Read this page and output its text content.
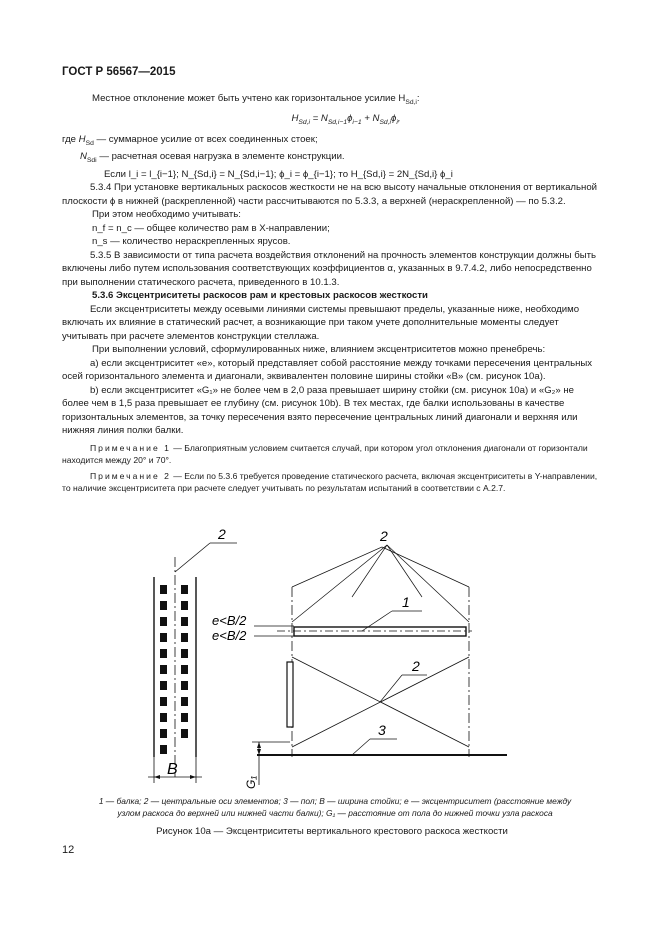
ГОСТ Р 56567—2015

Местное отклонение может быть учтено как горизонтальное усилие $H_{Sd,i}$:

$H_{Sd,i} = N_{Sd,i-1}\phi_{i-1} + N_{Sd,i}\phi_i$,

где $H_{Sd}$ — суммарное усилие от всех соединенных стоек;

$N_{Sdi}$ — расчетная осевая нагрузка в элементе конструкции.

Если l_i = l_{i−1}; N_{Sd,i} = N_{Sd,i−1}; ϕ_i = ϕ_{i−1}; то H_{Sd,i} = 2N_{Sd,i} ϕ_i

5.3.4 При установке вертикальных раскосов жесткости не на всю высоту начальные отклонения от вертикальной плоскости ϕ в нижней (раскрепленной) части рассчитываются по 5.3.3, а верхней (нераскрепленной) — по 5.3.2.

При этом необходимо учитывать:

n_f = n_c — общее количество рам в X-направлении;

n_s — количество нераскрепленных ярусов.

5.3.5 В зависимости от типа расчета воздействия отклонений на прочность элементов конструкции должны быть включены либо путем использования соответствующих коэффициентов α, указанных в 9.7.4.2, либо непосредственно при выполнении статического расчета, приведенного в 10.1.3.

5.3.6 Эксцентриситеты раскосов рам и крестовых раскосов жесткости

Если эксцентриситеты между осевыми линиями системы превышают пределы, указанные ниже, необходимо включать их влияние в статический расчет, а возникающие при таком учете дополнительные моменты следует учитывать при расчете элементов конструкции стеллажа.

При выполнении условий, сформулированных ниже, влиянием эксцентриситетов можно пренебречь:

а) если эксцентриситет «e», который представляет собой расстояние между точками пересечения центральных осей горизонтального элемента и диагонали, эквивалентен половине ширины стойки «B» (см. рисунок 10а).

b) если эксцентриситет «G₁» не более чем в 2,0 раза превышает ширину стойки (см. рисунок 10а) и «G₂» не более чем в 1,5 раза превышает ее глубину (см. рисунок 10b). В тех местах, где балки использованы в качестве горизонтальных элементов, за точку пересечения взято пересечение центральных линий диагонали и верхняя или нижняя линия полки балки.

Примечание 1 — Благоприятным условием считается случай, при котором угол отклонения диагонали от горизонтали находится между 20° и 70°.

Примечание 2 — Если по 5.3.6 требуется проведение статического расчета, включая эксцентриситеты в Y-направлении, то наличие эксцентриситета при расчете следует учитывать по результатам испытаний в соответствии с А.2.7.

B
2	2
1
2
3
e<B/2
e<B/2
G₁
1 — балка; 2 — центральные оси элементов; 3 — пол; B — ширина стойки; e — эксцентриситет (расстояние между узлом раскоса до верхней или нижней части балки); G₁ — расстояние от пола до нижней точки узла раскоса
Рисунок 10а — Эксцентриситеты вертикального крестового раскоса жесткости
12
